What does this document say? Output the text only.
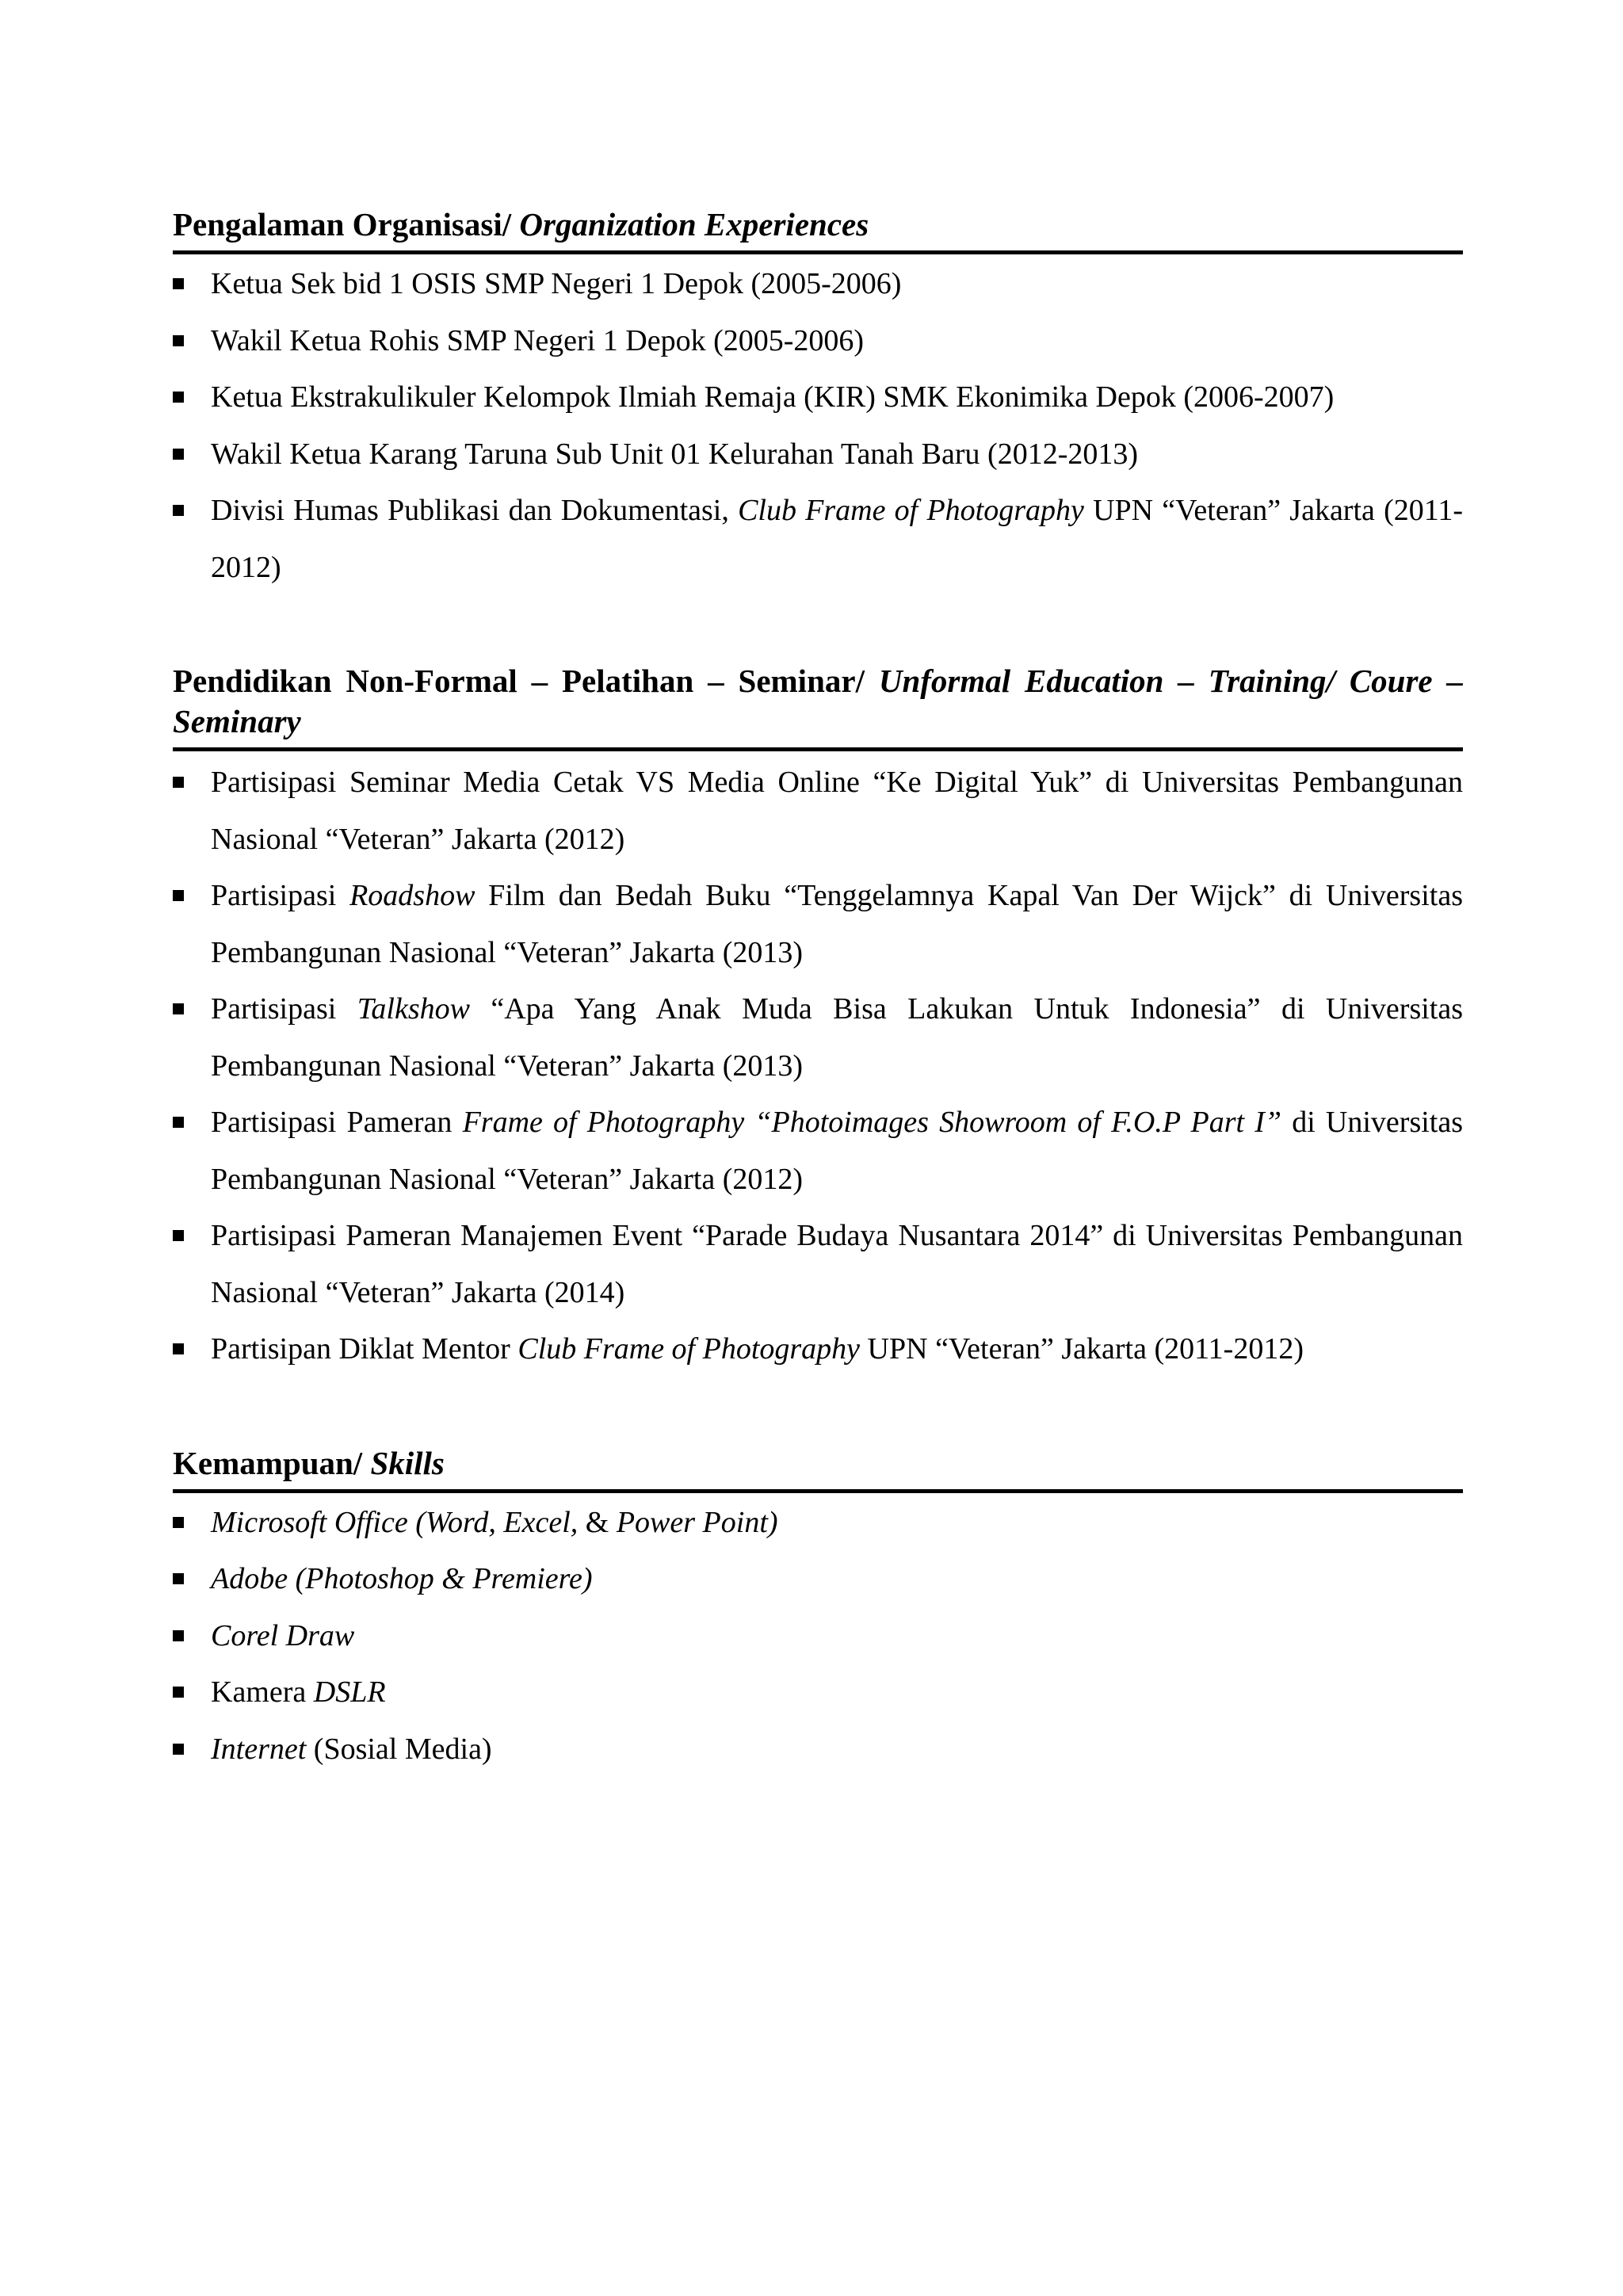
Pengalaman Organisasi/ Organization Experiences
Ketua Sek bid 1 OSIS SMP Negeri 1 Depok (2005-2006)
Wakil Ketua Rohis SMP Negeri 1 Depok (2005-2006)
Ketua Ekstrakulikuler Kelompok Ilmiah Remaja (KIR) SMK Ekonimika Depok (2006-2007)
Wakil Ketua Karang Taruna Sub Unit 01 Kelurahan Tanah Baru (2012-2013)
Divisi Humas Publikasi dan Dokumentasi, Club Frame of Photography UPN “Veteran” Jakarta (2011-2012)
Pendidikan Non-Formal – Pelatihan – Seminar/ Unformal Education – Training/ Coure – Seminary
Partisipasi Seminar Media Cetak VS Media Online “Ke Digital Yuk” di Universitas Pembangunan Nasional “Veteran” Jakarta (2012)
Partisipasi Roadshow Film dan Bedah Buku “Tenggelamnya Kapal Van Der Wijck” di Universitas Pembangunan Nasional “Veteran” Jakarta (2013)
Partisipasi Talkshow “Apa Yang Anak Muda Bisa Lakukan Untuk Indonesia” di Universitas Pembangunan Nasional “Veteran” Jakarta (2013)
Partisipasi Pameran Frame of Photography “Photoimages Showroom of F.O.P Part I” di Universitas Pembangunan Nasional “Veteran” Jakarta (2012)
Partisipasi Pameran Manajemen Event “Parade Budaya Nusantara 2014” di Universitas Pembangunan Nasional “Veteran” Jakarta (2014)
Partisipan Diklat Mentor Club Frame of Photography UPN “Veteran” Jakarta (2011-2012)
Kemampuan/ Skills
Microsoft Office (Word, Excel, & Power Point)
Adobe (Photoshop & Premiere)
Corel Draw
Kamera DSLR
Internet (Sosial Media)
